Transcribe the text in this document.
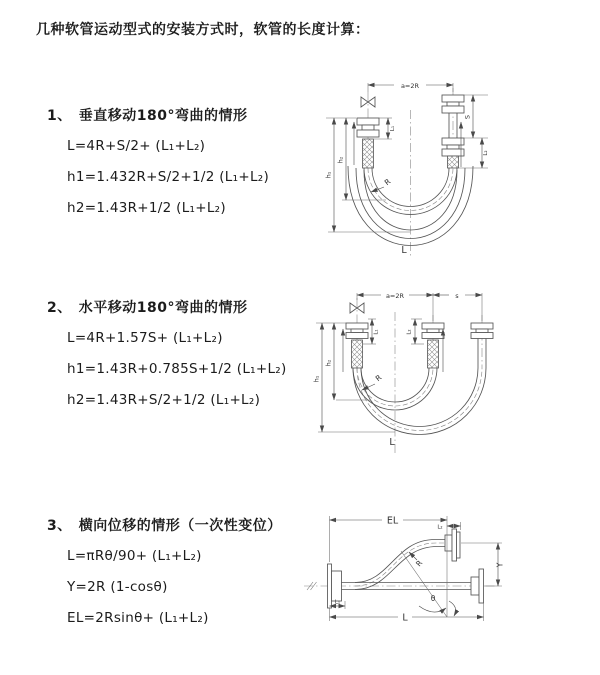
几种软管运动型式的安装方式时，软管的长度计算：
1、 垂直移动180°弯曲的情形
L=4R+S/2+ (L₁+L₂)
h1=1.432R+S/2+1/2 (L₁+L₂)
h2=1.43R+1/2 (L₁+L₂)
2、 水平移动180°弯曲的情形
L=4R+1.57S+ (L₁+L₂)
h1=1.43R+0.785S+1/2 (L₁+L₂)
h2=1.43R+S/2+1/2 (L₁+L₂)
3、 横向位移的情形（一次性变位）
L=πRθ/90+ (L₁+L₂)
Y=2R (1-cosθ)
EL=2Rsinθ+ (L₁+L₂)
a=2R
h₁
h₂
L₁
S
L₂
R
L
a=2R	s
h₁
h₂
L₁	L₂
R
L
EL
L₂
Y
L
L₁	θ
R
